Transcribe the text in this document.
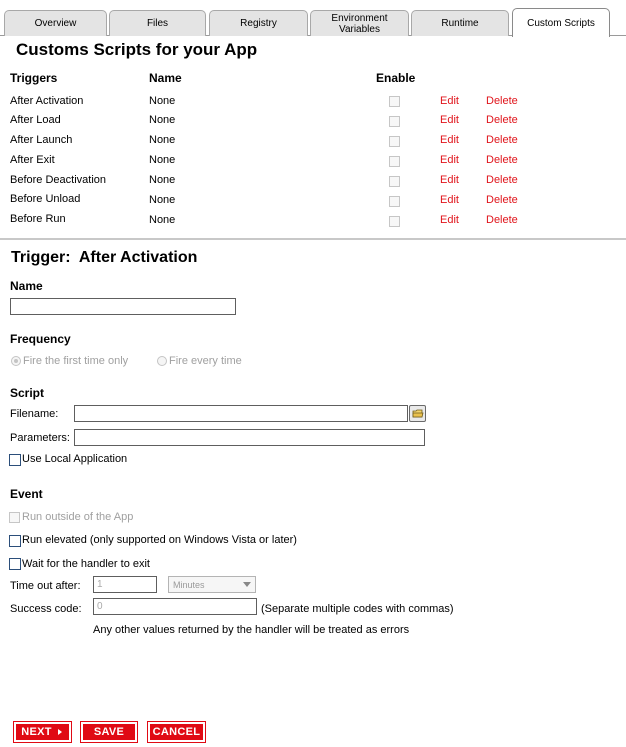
Overview	Files	Registry	Environment Variables	Runtime	Custom Scripts
Customs Scripts for your App
Triggers	Name	Enable
After Activation	None	Edit Delete
After Load	None	Edit Delete
After Launch	None	Edit Delete
After Exit	None	Edit Delete
Before Deactivation	None	Edit Delete
Before Unload	None	Edit Delete
Before Run	None	Edit Delete
Trigger: After Activation
Name
Frequency
Fire the first time only	Fire every time
Script
Filename:
Parameters:
Use Local Application
Event
Run outside of the App
Run elevated (only supported on Windows Vista or later)
Wait for the handler to exit
Time out after:
1	Minutes
Success code:
0	(Separate multiple codes with commas)
Any other values returned by the handler will be treated as errors
NEXT	SAVE	CANCEL
